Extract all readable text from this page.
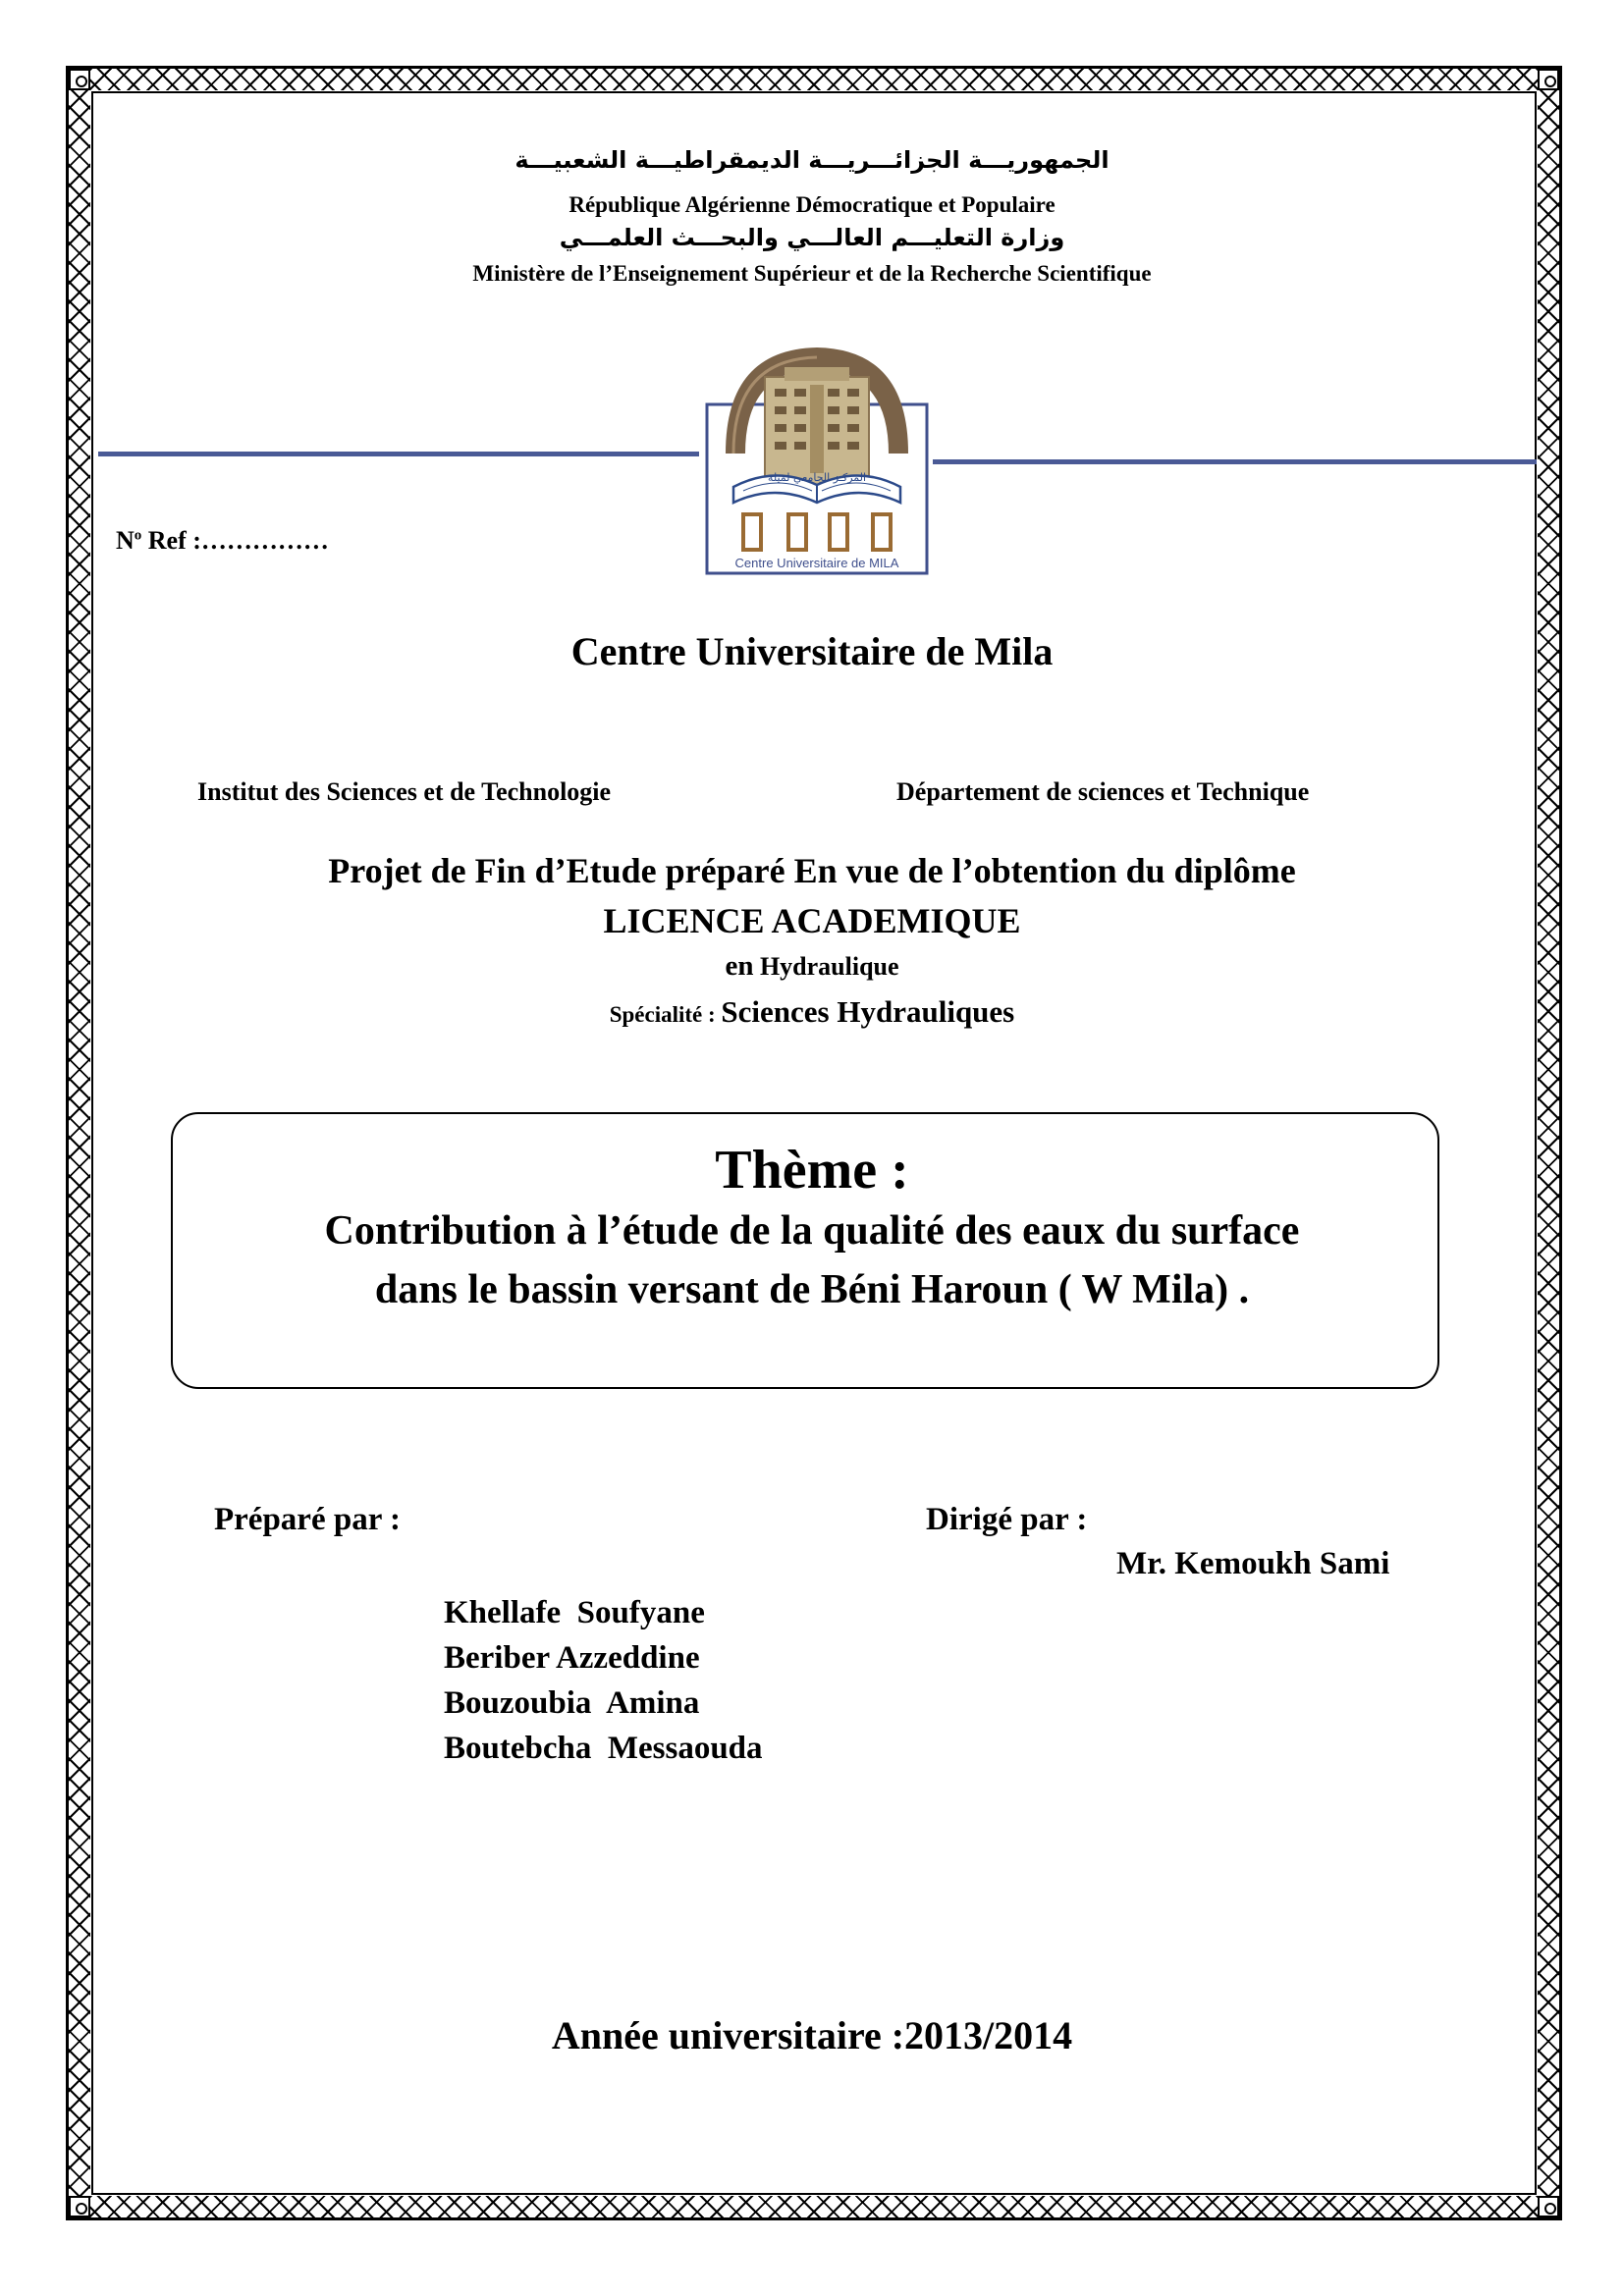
الجمهوريـــة الجزائـــريـــة الديمقراطيـــة الشعبيـــة
République Algérienne Démocratique et Populaire
وزارة التعليـــم العالـــي والبحـــث العلمـــي
Ministère de l’Enseignement Supérieur et de la Recherche Scientifique
المركـز الجامعي لميلة
Centre Universitaire de MILA
$N^o$ Ref :……………
Centre Universitaire de Mila
Institut des Sciences et de Technologie	Département de sciences et Technique
Projet de Fin d’Etude préparé En vue de l’obtention du diplôme
LICENCE ACADEMIQUE
en Hydraulique
Spécialité : Sciences Hydrauliques
Thème :
Contribution à l’étude de la qualité des eaux du surface
dans le bassin versant de Béni Haroun ( W Mila) .
Préparé par :	Dirigé par :
Mr. Kemoukh Sami
Khellafe  Soufyane
Beriber Azzeddine
Bouzoubia  Amina
Boutebcha  Messaouda
Année universitaire :2013/2014
